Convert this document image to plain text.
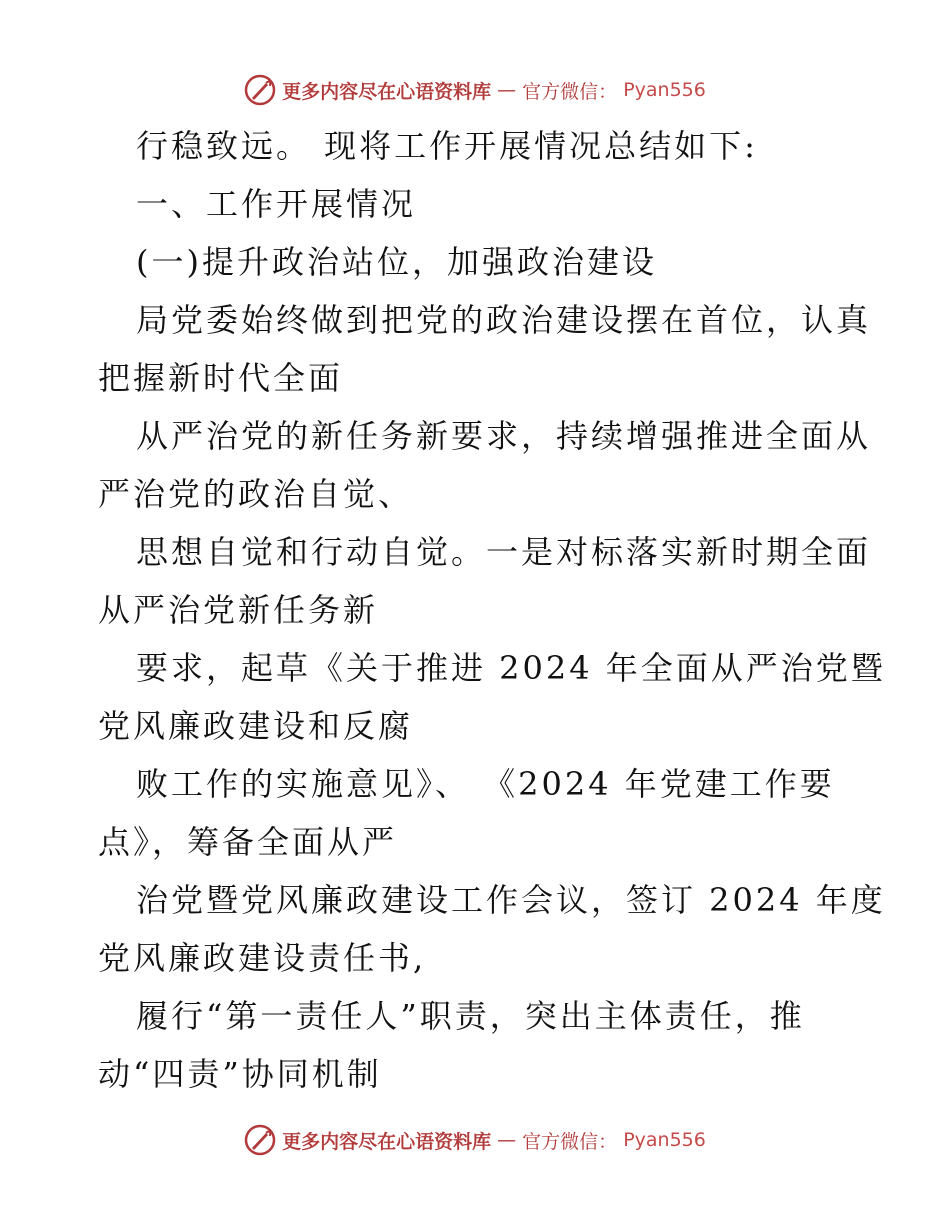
更多内容尽在心语资料库 — 官方微信： Pyan556
行稳致远。 现将工作开展情况总结如下:
一、工作开展情况
(一)提升政治站位，加强政治建设
局党委始终做到把党的政治建设摆在首位，认真
把握新时代全面
从严治党的新任务新要求，持续增强推进全面从
严治党的政治自觉、
思想自觉和行动自觉。一是对标落实新时期全面
从严治党新任务新
要求，起草《关于推进 2024 年全面从严治党暨
党风廉政建设和反腐
败工作的实施意见》、 《2024 年党建工作要
点》，筹备全面从严
治党暨党风廉政建设工作会议，签订 2024 年度
党风廉政建设责任书,
履行“第一责任人”职责，突出主体责任，推
动“四责”协同机制
更多内容尽在心语资料库 — 官方微信： Pyan556
